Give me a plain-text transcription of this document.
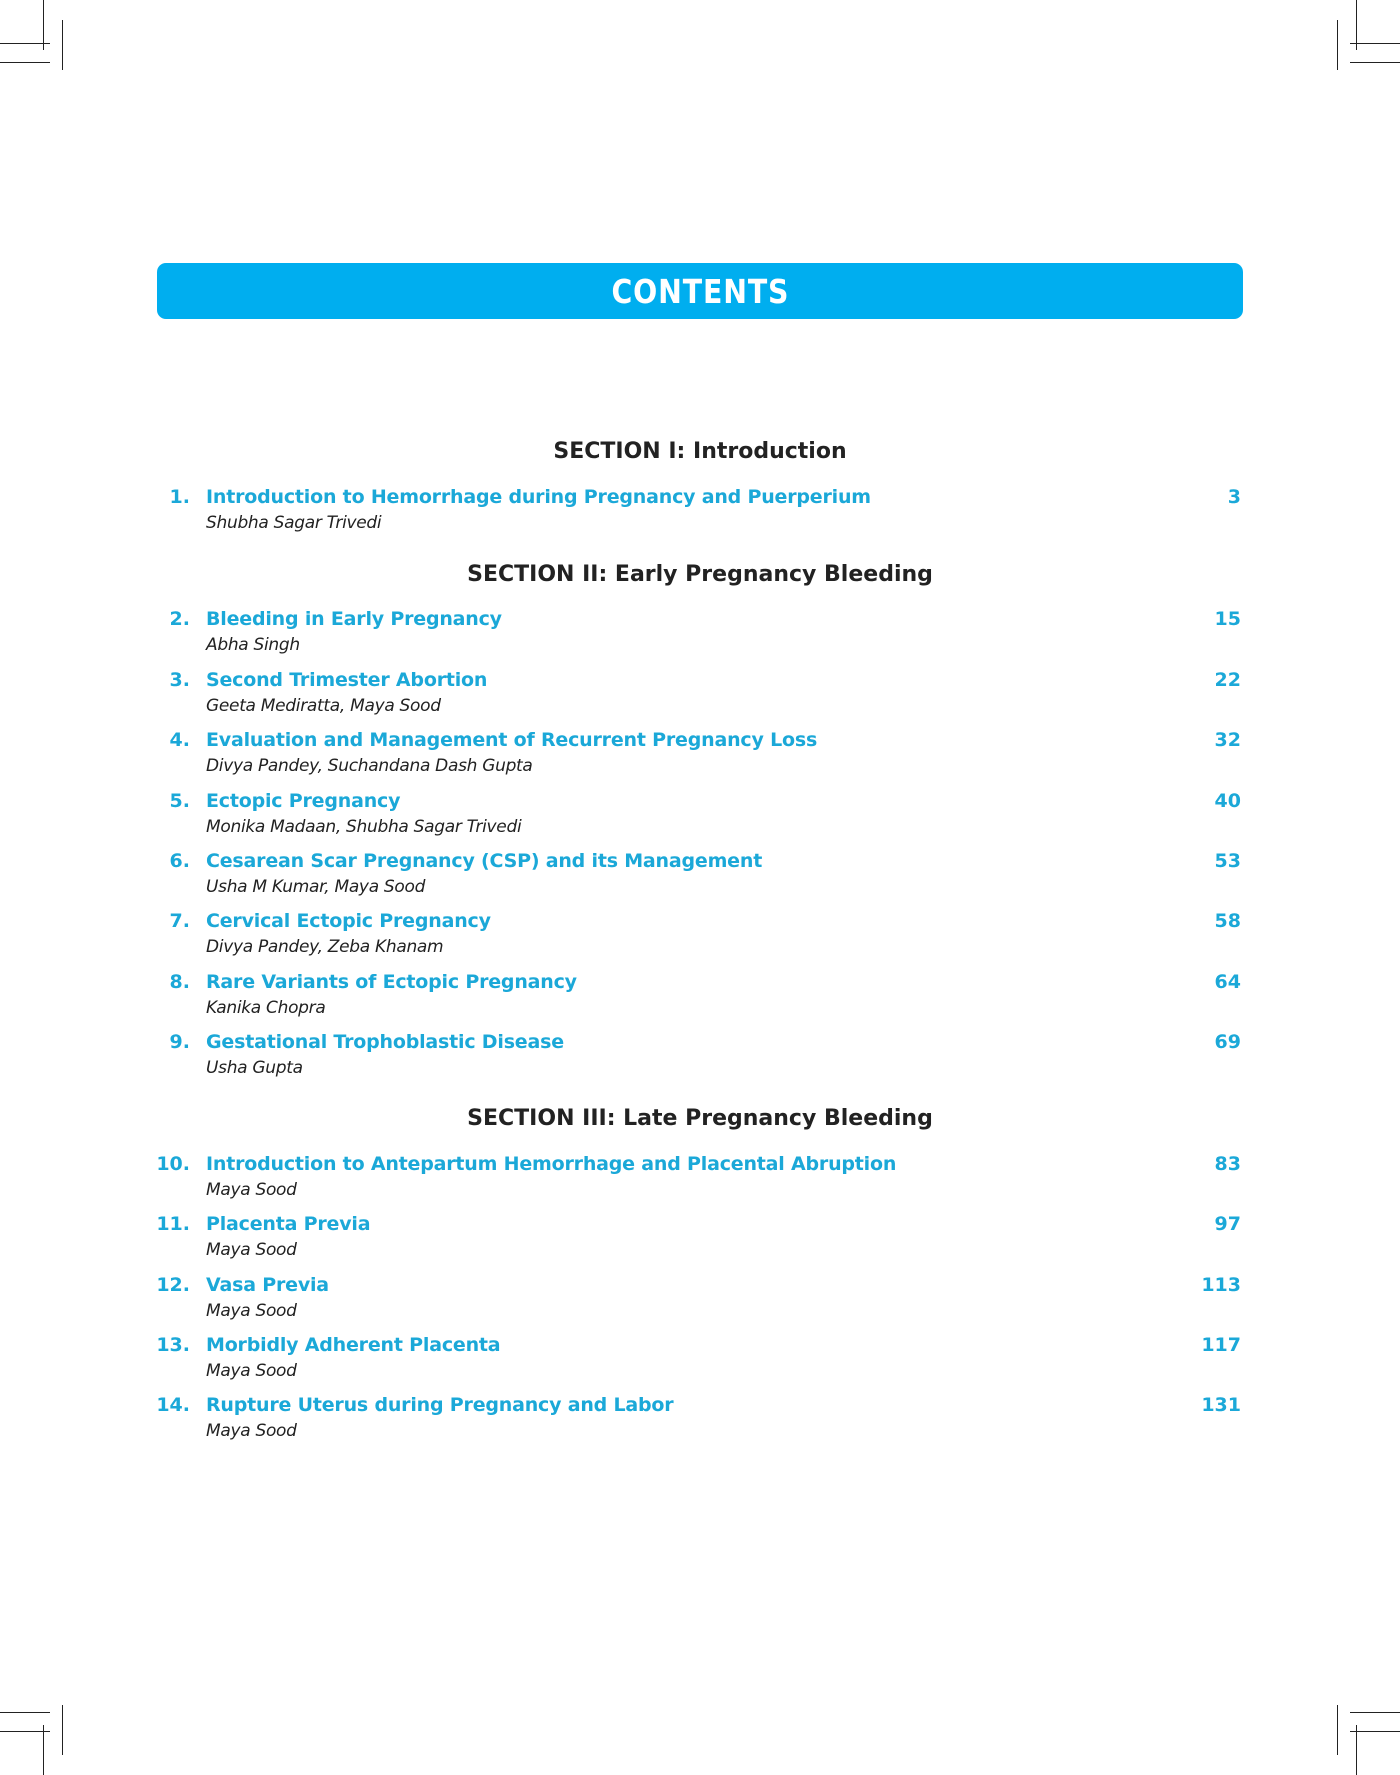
CONTENTS
SECTION I: Introduction
1. Introduction to Hemorrhage during Pregnancy and Puerperium	3
Shubha Sagar Trivedi
SECTION II: Early Pregnancy Bleeding
2. Bleeding in Early Pregnancy	15
Abha Singh
3. Second Trimester Abortion	22
Geeta Mediratta, Maya Sood
4. Evaluation and Management of Recurrent Pregnancy Loss	32
Divya Pandey, Suchandana Dash Gupta
5. Ectopic Pregnancy	40
Monika Madaan, Shubha Sagar Trivedi
6. Cesarean Scar Pregnancy (CSP) and its Management	53
Usha M Kumar, Maya Sood
7. Cervical Ectopic Pregnancy	58
Divya Pandey, Zeba Khanam
8. Rare Variants of Ectopic Pregnancy	64
Kanika Chopra
9. Gestational Trophoblastic Disease	69
Usha Gupta
SECTION III: Late Pregnancy Bleeding
10. Introduction to Antepartum Hemorrhage and Placental Abruption	83
Maya Sood
11. Placenta Previa	97
Maya Sood
12. Vasa Previa	113
Maya Sood
13. Morbidly Adherent Placenta	117
Maya Sood
14. Rupture Uterus during Pregnancy and Labor	131
Maya Sood
